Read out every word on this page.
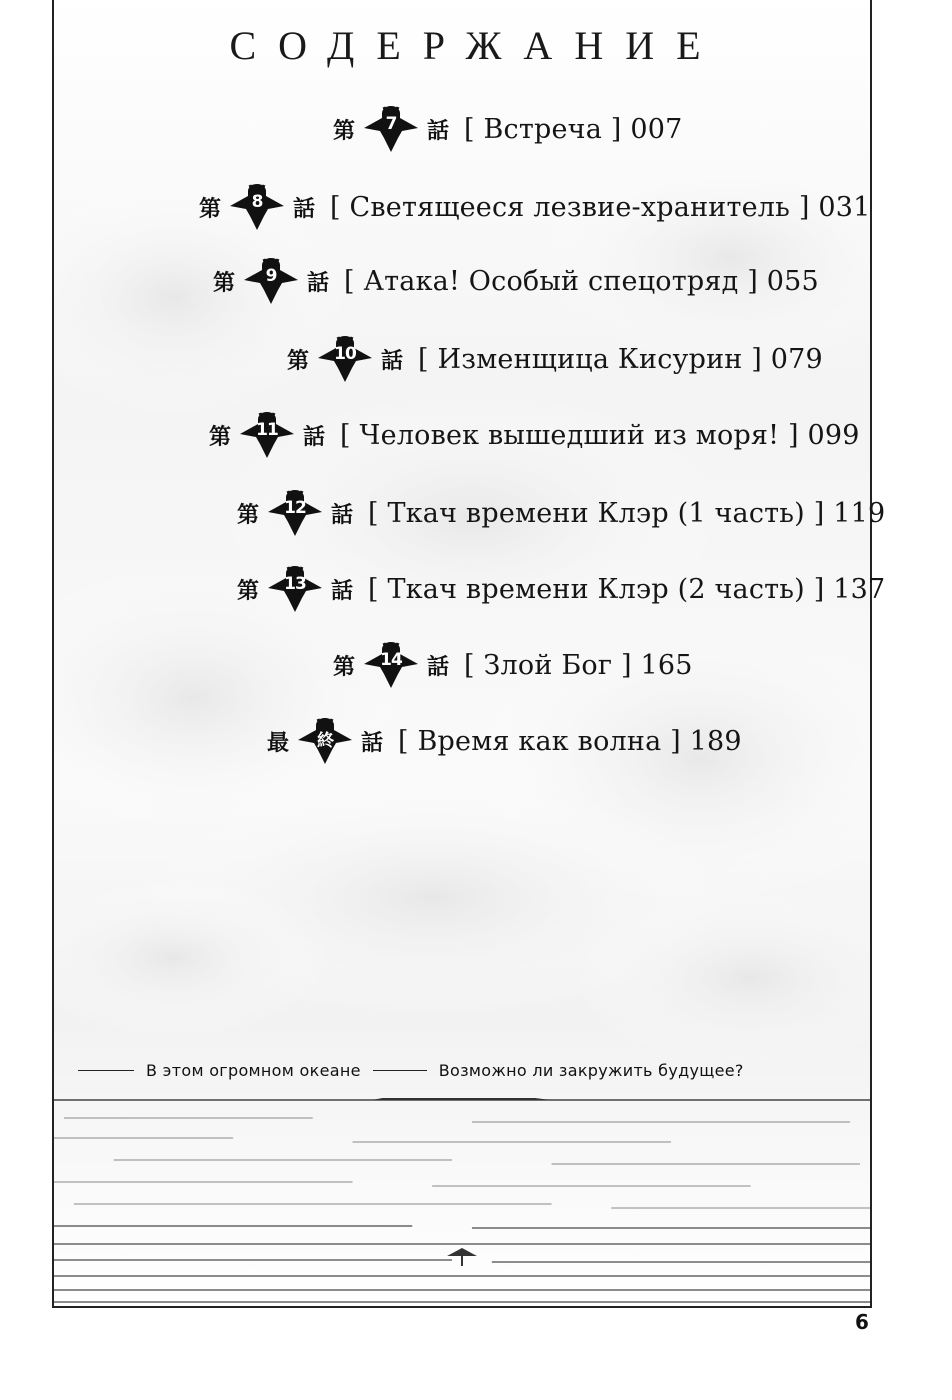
СОДЕРЖАНИЕ
第	7	話 [ Встреча ] 007
第	8	話 [ Светящееся лезвие-хранитель ] 031
第	9	話 [ Атака! Особый спецотряд ] 055
第	10	話 [ Изменщица Кисурин ] 079
第	11	話 [ Человек вышедший из моря! ] 099
第	12	話 [ Ткач времени Клэр (1 часть) ] 119
第	13	話 [ Ткач времени Клэр (2 часть) ] 137
第	14	話 [ Злой Бог ] 165
最	終	話 [ Время как волна ] 189
В этом огромном океане	Возможно ли закружить будущее?
6
